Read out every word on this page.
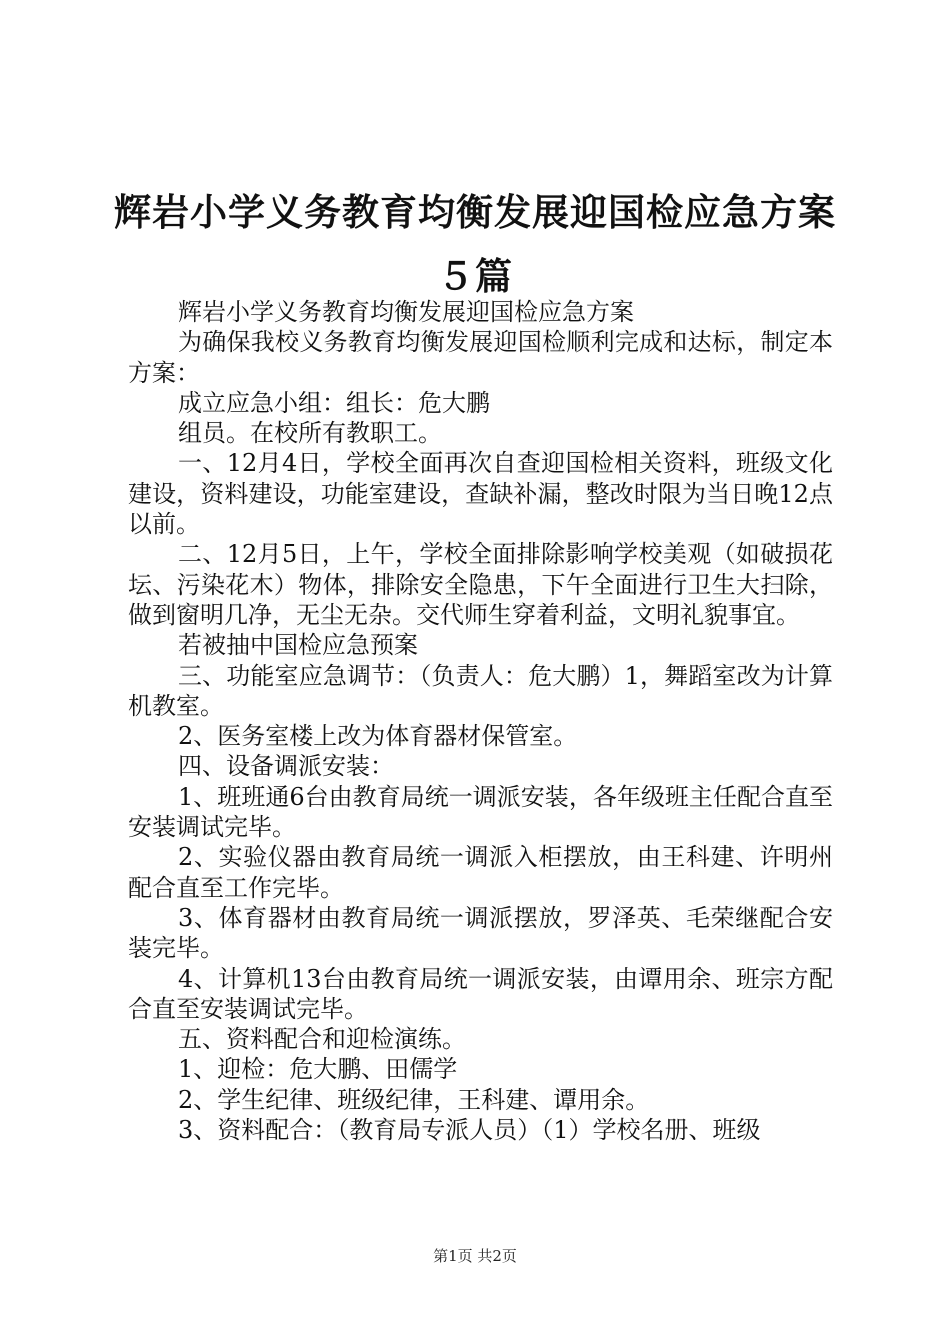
辉岩小学义务教育均衡发展迎国检应急方案５篇

辉岩小学义务教育均衡发展迎国检应急方案

为确保我校义务教育均衡发展迎国检顺利完成和达标，制定本方案：

成立应急小组：组长：危大鹏

组员。在校所有教职工。

一、12月4日，学校全面再次自查迎国检相关资料，班级文化建设，资料建设，功能室建设，查缺补漏，整改时限为当日晚12点以前。

二、12月5日，上午，学校全面排除影响学校美观（如破损花坛、污染花木）物体，排除安全隐患，下午全面进行卫生大扫除，做到窗明几净，无尘无杂。交代师生穿着利益，文明礼貌事宜。

若被抽中国检应急预案

三、功能室应急调节：（负责人：危大鹏）1，舞蹈室改为计算机教室。

2、医务室楼上改为体育器材保管室。

四、设备调派安装：

1、班班通6台由教育局统一调派安装，各年级班主任配合直至安装调试完毕。

2、实验仪器由教育局统一调派入柜摆放，由王科建、许明州配合直至工作完毕。

3、体育器材由教育局统一调派摆放，罗泽英、毛荣继配合安装完毕。

4、计算机13台由教育局统一调派安装，由谭用余、班宗方配合直至安装调试完毕。

五、资料配合和迎检演练。

1、迎检：危大鹏、田儒学

2、学生纪律、班级纪律，王科建、谭用余。

3、资料配合：（教育局专派人员）（1）学校名册、班级

第1页 共2页
